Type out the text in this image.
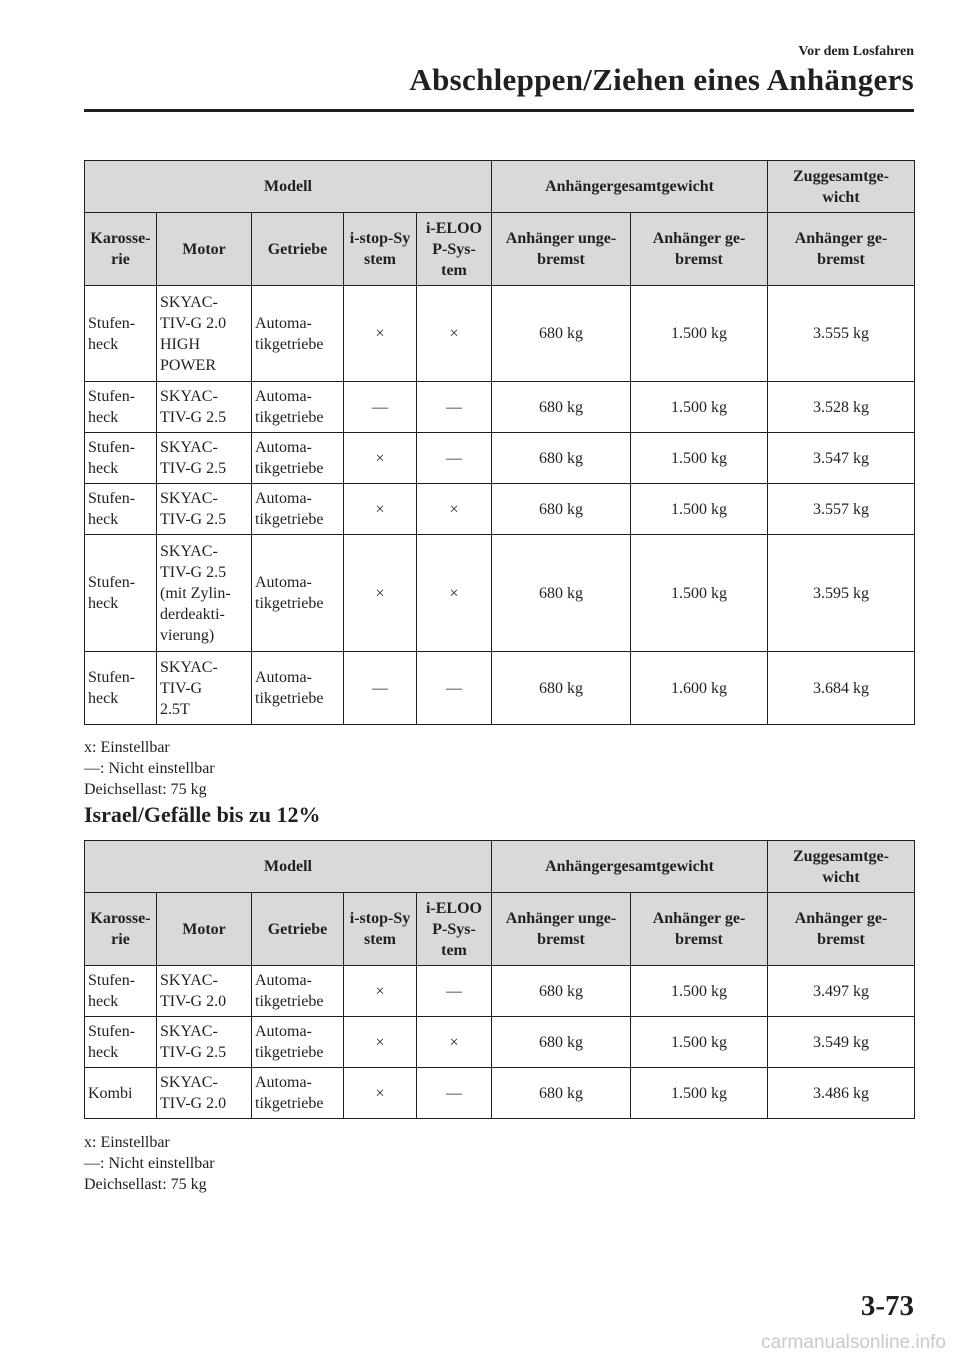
Vor dem Losfahren
Abschleppen/Ziehen eines Anhängers
Modell					Anhängergesamtgewicht		Zuggesamtge-
wicht
Karosse-
rie	Motor	Getriebe	i-stop-Sy
stem	i-ELOO
P-Sys-
tem	Anhänger unge-
bremst	Anhänger ge-
bremst	Anhänger ge-
bremst
Stufen-
heck	SKYAC-
TIV-G 2.0
HIGH
POWER	Automa-
tikgetriebe	×	×	680 kg	1.500 kg	3.555 kg
Stufen-
heck	SKYAC-
TIV-G 2.5	Automa-
tikgetriebe	—	—	680 kg	1.500 kg	3.528 kg
Stufen-
heck	SKYAC-
TIV-G 2.5	Automa-
tikgetriebe	×	—	680 kg	1.500 kg	3.547 kg
Stufen-
heck	SKYAC-
TIV-G 2.5	Automa-
tikgetriebe	×	×	680 kg	1.500 kg	3.557 kg
Stufen-
heck	SKYAC-
TIV-G 2.5
(mit Zylin-
derdeakti-
vierung)	Automa-
tikgetriebe	×	×	680 kg	1.500 kg	3.595 kg
Stufen-
heck	SKYAC-
TIV-G
2.5T	Automa-
tikgetriebe	—	—	680 kg	1.600 kg	3.684 kg
x: Einstellbar
—: Nicht einstellbar
Deichsellast: 75 kg
Israel/Gefälle bis zu 12%
Modell					Anhängergesamtgewicht		Zuggesamtge-
wicht
Karosse-
rie	Motor	Getriebe	i-stop-Sy
stem	i-ELOO
P-Sys-
tem	Anhänger unge-
bremst	Anhänger ge-
bremst	Anhänger ge-
bremst
Stufen-
heck	SKYAC-
TIV-G 2.0	Automa-
tikgetriebe	×	—	680 kg	1.500 kg	3.497 kg
Stufen-
heck	SKYAC-
TIV-G 2.5	Automa-
tikgetriebe	×	×	680 kg	1.500 kg	3.549 kg
Kombi	SKYAC-
TIV-G 2.0	Automa-
tikgetriebe	×	—	680 kg	1.500 kg	3.486 kg
x: Einstellbar
—: Nicht einstellbar
Deichsellast: 75 kg
3-73
carmanualsonline.info
